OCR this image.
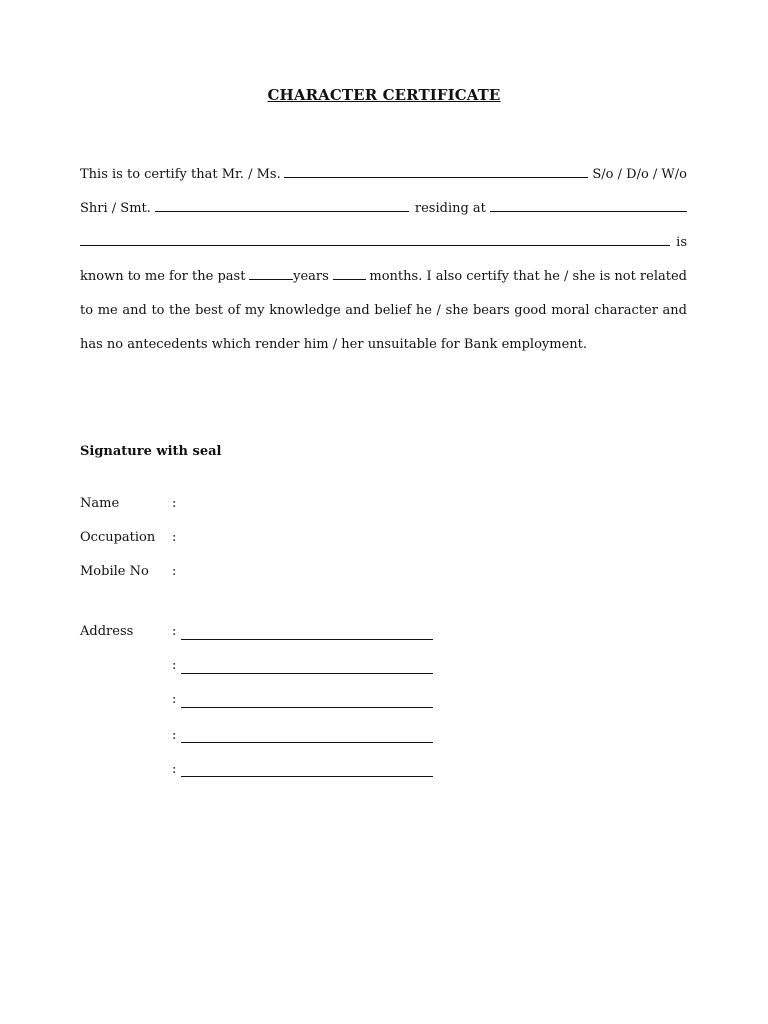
CHARACTER CERTIFICATE
This is to certify that Mr. / Ms.	S/o / D/o / W/o
Shri / Smt.	residing at
is
known to me for the past	years	months. I also certify that he / she is not related
to me and to the best of my knowledge and belief he / she bears good moral character and
has no antecedents which render him / her unsuitable for Bank employment.
Signature with seal
Name	:
Occupation :
Mobile No :
Address	:
:
:
:
:
